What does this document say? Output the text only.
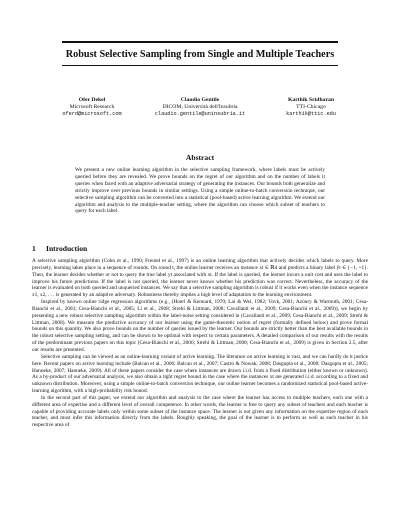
Robust Selective Sampling from Single and Multiple Teachers
Ofer Dekel
Microsoft Research
oferd@microsoft.com
Claudio Gentile
DICOM, Università dell'Insubria
claudio.gentile@uninsubria.it
Karthik Sridharan
TTI-Chicago
karthik@ttic.edu
Abstract
We present a new online learning algorithm in the selective sampling framework, where labels must be actively queried before they are revealed. We prove bounds on the regret of our algorithm and on the number of labels it queries when faced with an adaptive adversarial strategy of generating the instances. Our bounds both generalize and strictly improve over previous bounds in similar settings. Using a simple online-to-batch conversion technique, our selective sampling algorithm can be converted into a statistical (pool-based) active learning algorithm. We extend our algorithm and analysis to the multiple-teacher setting, where the algorithm can choose which subset of teachers to query for each label.
1 Introduction

A selective sampling algorithm (Cohn et al., 1990; Freund et al., 1997) is an online learning algorithm that actively decides which labels to query. More precisely, learning takes place in a sequence of rounds. On round t, the online learner receives an instance xt ∈ ℝd and predicts a binary label ŷt ∈ {−1, +1}. Then, the learner decides whether or not to query the true label yt associated with xt. If the label is queried, the learner incurs a unit cost and uses the label to improve his future predictions. If the label is not queried, the learner never knows whether his prediction was correct. Nevertheless, the accuracy of the learner is evaluated on both queried and unqueried instances. We say that a selective sampling algorithm is robust if it works even when the instance sequence x1, x2, . . . is generated by an adaptive adversary. Robustness thereby implies a high level of adaptation to the learning environment.

Inspired by known online ridge regression algorithms (e.g., (Hoerl & Kennard, 1970; Lai & Wei, 1982; Vovk, 2001; Azoury & Warmuth, 2001; Cesa-Bianchi et al., 2003; Cesa-Bianchi et al., 2005; Li et al., 2008; Strehl & Littman, 2008; Cavallanti et al., 2009; Cesa-Bianchi et al., 2009)), we begin by presenting a new robust selective sampling algorithm within the label-noise setting considered in (Cavallanti et al., 2009; Cesa-Bianchi et al., 2009; Strehl & Littman, 2008). We measure the predictive accuracy of our learner using the game-theoretic notion of regret (formally defined below) and prove formal bounds on this quantity. We also prove bounds on the number of queries issued by the learner. Our bounds are strictly better than the best available bounds in the robust selective sampling setting, and can be shown to be optimal with respect to certain parameters. A detailed comparison of our results with the results of the predominant previous papers on this topic (Cesa-Bianchi et al., 2006; Strehl & Littman, 2008; Cesa-Bianchi et al., 2009) is given in Section 2.5, after our results are presented.

Selective sampling can be viewed as an online-learning variant of active learning. The literature on active learning is vast, and we can hardly do it justice here. Recent papers on active learning include (Balcan et al., 2006; Balcan et al., 2007; Castro & Nowak, 2008; Dasgupta et al., 2008; Dasgupta et al., 2005; Hanneke, 2007; Hanneke, 2009). All of these papers consider the case where instances are drawn i.i.d. from a fixed distribution (either known or unknown). As a by-product of our adversarial analysis, we also obtain a tight regret bound in the case where the instances xt are generated i.i.d. according to a fixed and unknown distribution. Moreover, using a simple online-to-batch conversion technique, our online learner becomes a randomized statistical pool-based active-learning algorithm, with a high-probability risk bound.

In the second part of this paper, we extend our algorithm and analysis to the case where the learner has access to multiple teachers, each one with a different area of expertise and a different level of overall competence. In other words, the learner is free to query any subset of teachers and each teacher is capable of providing accurate labels only within some subset of the instance space. The learner is not given any information on the expertise region of each teacher, and must infer this information directly from the labels. Roughly speaking, the goal of the learner is to perform as well as each teacher in his respective area of
